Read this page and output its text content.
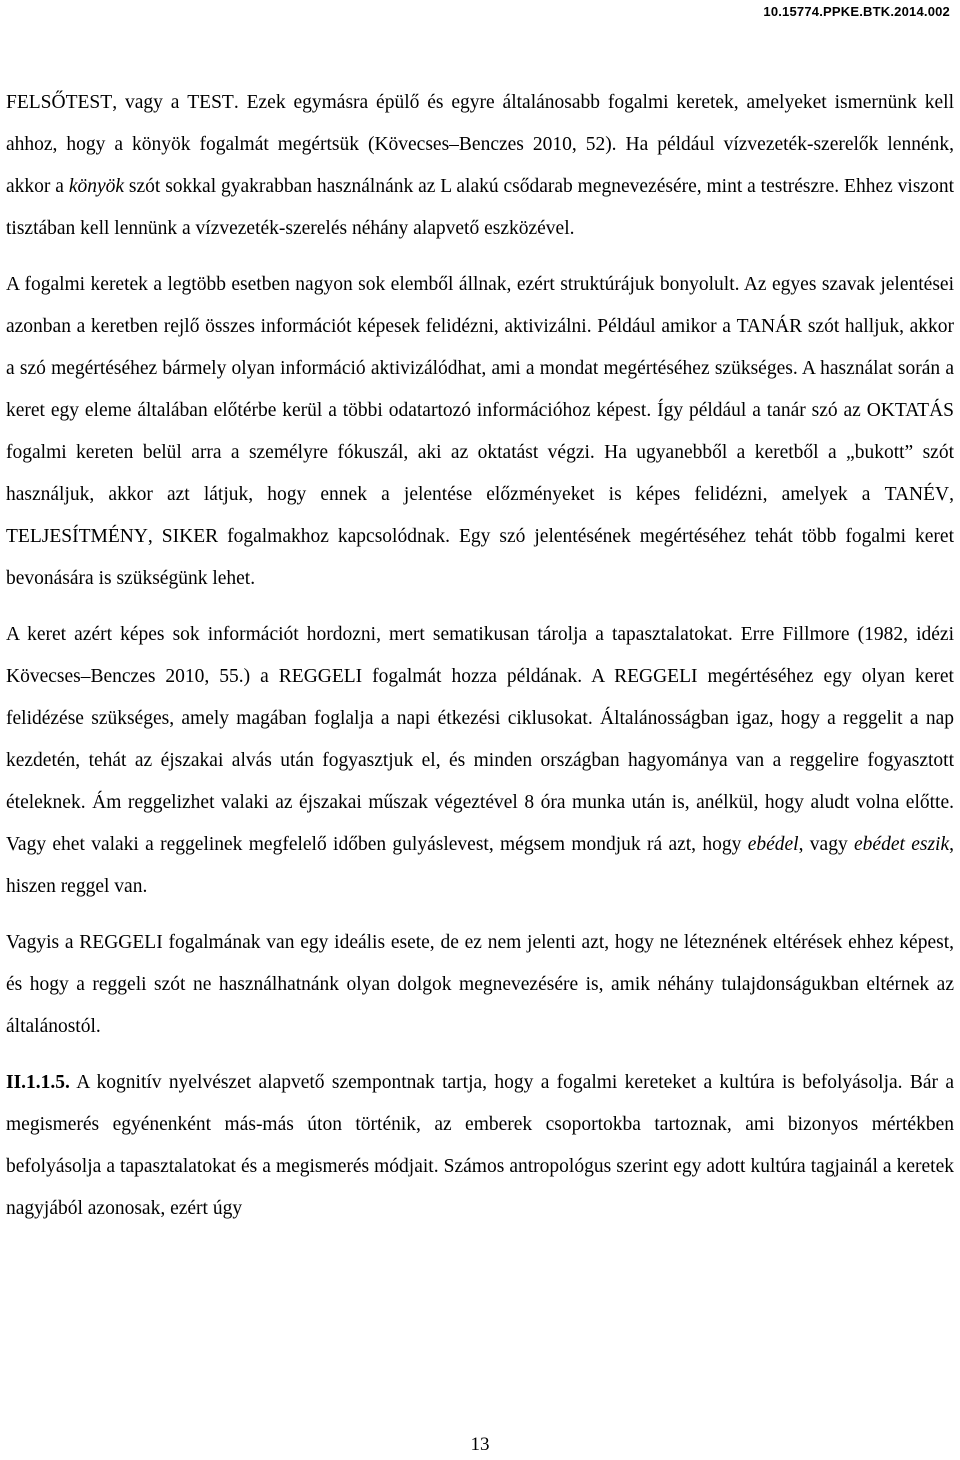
10.15774.PPKE.BTK.2014.002

FELSŐTEST, vagy a TEST. Ezek egymásra épülő és egyre általánosabb fogalmi keretek, amelyeket ismernünk kell ahhoz, hogy a könyök fogalmát megértsük (Kövecses–Benczes 2010, 52). Ha például vízvezeték-szerelők lennénk, akkor a könyök szót sokkal gyakrabban használnánk az L alakú csődarab megnevezésére, mint a testrészre. Ehhez viszont tisztában kell lennünk a vízvezeték-szerelés néhány alapvető eszközével.

A fogalmi keretek a legtöbb esetben nagyon sok elemből állnak, ezért struktúrájuk bonyolult. Az egyes szavak jelentései azonban a keretben rejlő összes információt képesek felidézni, aktivizálni. Például amikor a TANÁR szót halljuk, akkor a szó megértéséhez bármely olyan információ aktivizálódhat, ami a mondat megértéséhez szükséges. A használat során a keret egy eleme általában előtérbe kerül a többi odatartozó információhoz képest. Így például a tanár szó az OKTATÁS fogalmi kereten belül arra a személyre fókuszál, aki az oktatást végzi. Ha ugyanebből a keretből a „bukott” szót használjuk, akkor azt látjuk, hogy ennek a jelentése előzményeket is képes felidézni, amelyek a TANÉV, TELJESÍTMÉNY, SIKER fogalmakhoz kapcsolódnak. Egy szó jelentésének megértéséhez tehát több fogalmi keret bevonására is szükségünk lehet.

A keret azért képes sok információt hordozni, mert sematikusan tárolja a tapasztalatokat. Erre Fillmore (1982, idézi Kövecses–Benczes 2010, 55.) a REGGELI fogalmát hozza példának. A REGGELI megértéséhez egy olyan keret felidézése szükséges, amely magában foglalja a napi étkezési ciklusokat. Általánosságban igaz, hogy a reggelit a nap kezdetén, tehát az éjszakai alvás után fogyasztjuk el, és minden országban hagyománya van a reggelire fogyasztott ételeknek. Ám reggelizhet valaki az éjszakai műszak végeztével 8 óra munka után is, anélkül, hogy aludt volna előtte. Vagy ehet valaki a reggelinek megfelelő időben gulyáslevest, mégsem mondjuk rá azt, hogy ebédel, vagy ebédet eszik, hiszen reggel van.

Vagyis a REGGELI fogalmának van egy ideális esete, de ez nem jelenti azt, hogy ne léteznének eltérések ehhez képest, és hogy a reggeli szót ne használhatnánk olyan dolgok megnevezésére is, amik néhány tulajdonságukban eltérnek az általánostól.

II.1.1.5. A kognitív nyelvészet alapvető szempontnak tartja, hogy a fogalmi kereteket a kultúra is befolyásolja. Bár a megismerés egyénenként más-más úton történik, az emberek csoportokba tartoznak, ami bizonyos mértékben befolyásolja a tapasztalatokat és a megismerés módjait. Számos antropológus szerint egy adott kultúra tagjainál a keretek nagyjából azonosak, ezért úgy

13
